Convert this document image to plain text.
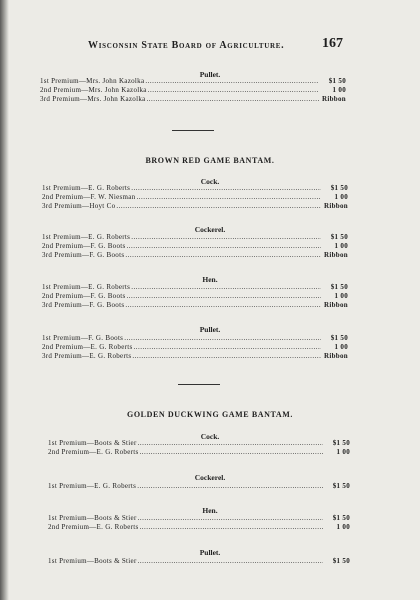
Wisconsin State Board of Agriculture.	167
Pullet.
1st Premium—Mrs. John Kazolka .....	$1 50
2nd Premium—Mrs. John Kazolka .....	1 00
3rd Premium—Mrs. John Kazolka .....	Ribbon
BROWN RED GAME BANTAM.
Cock.
1st Premium—E. G. Roberts .....	$1 50
2nd Premium—F. W. Niesman .....	1 00
3rd Premium—Hoyt Co .....	Ribbon
Cockerel.
1st Premium—E. G. Roberts .....	$1 50
2nd Premium—F. G. Boots .....	1 00
3rd Premium—F. G. Boots .....	Ribbon
Hen.
1st Premium—E. G. Roberts .....	$1 50
2nd Premium—F. G. Boots .....	1 00
3rd Premium—F. G. Boots .....	Ribbon
Pullet.
1st Premium—F. G. Boots .....	$1 50
2nd Premium—E. G. Roberts .....	1 00
3rd Premium—E. G. Roberts .....	Ribbon
GOLDEN DUCKWING GAME BANTAM.
Cock.
1st Premium—Boots & Stier .....	$1 50
2nd Premium—E. G. Roberts .....	1 00
Cockerel.
1st Premium—E. G. Roberts .....	$1 50
Hen.
1st Premium—Boots & Stier .....	$1 50
2nd Premium—E. G. Roberts .....	1 00
Pullet.
1st Premium—Boots & Stier .....	$1 50
